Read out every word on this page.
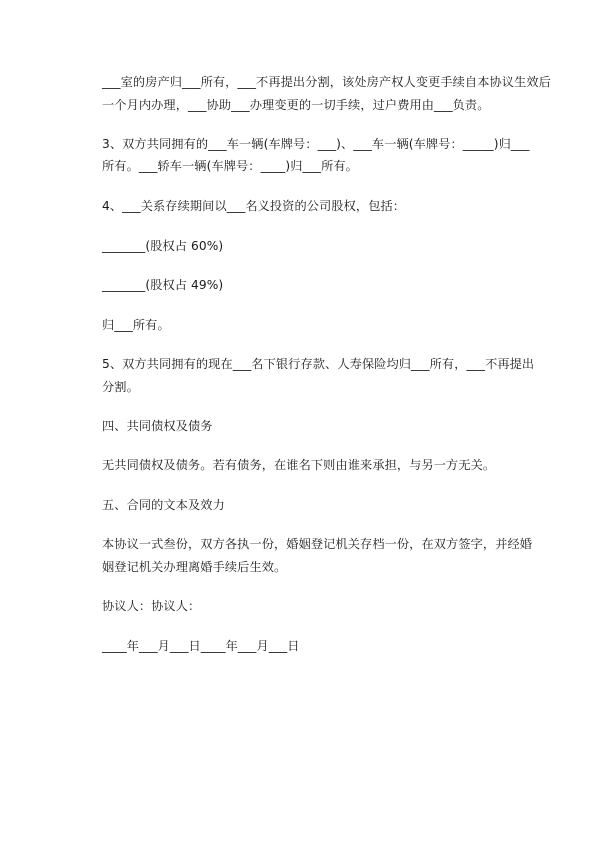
___室的房产归___所有，___不再提出分割，该处房产权人变更手续自本协议生效后
一个月内办理，___协助___办理变更的一切手续，过户费用由___负责。
3、双方共同拥有的___车一辆(车牌号：___)、___车一辆(车牌号：_____)归___
所有。___轿车一辆(车牌号：____)归___所有。
4、___关系存续期间以___名义投资的公司股权，包括：
_______(股权占 60%)
_______(股权占 49%)
归___所有。
5、双方共同拥有的现在___名下银行存款、人寿保险均归___所有，___不再提出
分割。
四、共同债权及债务
无共同债权及债务。若有债务，在谁名下则由谁来承担，与另一方无关。
五、合同的文本及效力
本协议一式叁份，双方各执一份，婚姻登记机关存档一份，在双方签字，并经婚
姻登记机关办理离婚手续后生效。
协议人：协议人：
____年___月___日____年___月___日
